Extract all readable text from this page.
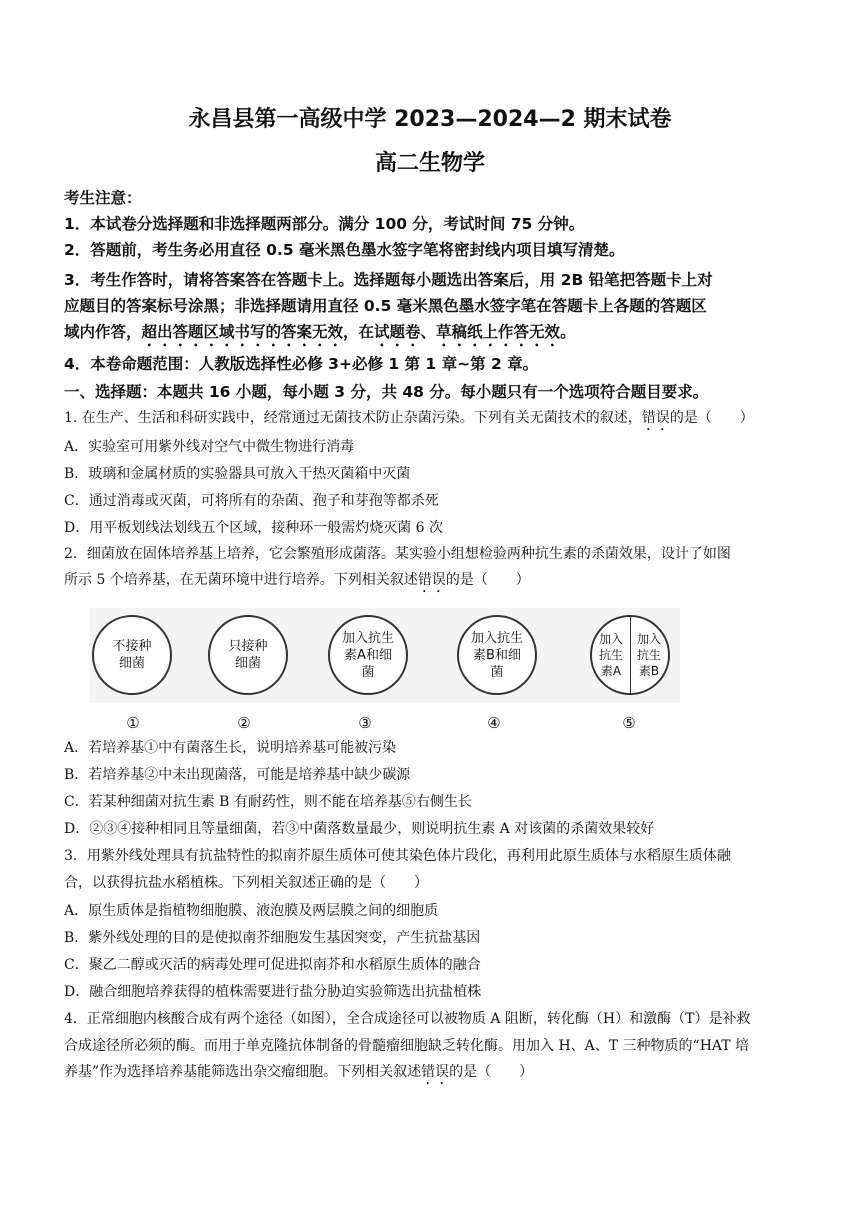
永昌县第一高级中学 2023—2024—2 期末试卷
高二生物学
考生注意：
1．本试卷分选择题和非选择题两部分。满分 100 分，考试时间 75 分钟。
2．答题前，考生务必用直径 0.5 毫米黑色墨水签字笔将密封线内项目填写清楚。
3．考生作答时，请将答案答在答题卡上。选择题每小题选出答案后，用 2B 铅笔把答题卡上对
应题目的答案标号涂黑；非选择题请用直径 0.5 毫米黑色墨水签字笔在答题卡上各题的答题区
域内作答，超出答题区域书写的答案无效，在试题卷、草稿纸上作答无效。
4．本卷命题范围：人教版选择性必修 3+必修 1 第 1 章~第 2 章。
一、选择题：本题共 16 小题，每小题 3 分，共 48 分。每小题只有一个选项符合题目要求。
1. 在生产、生活和科研实践中，经常通过无菌技术防止杂菌污染。下列有关无菌技术的叙述，错误的是（　　）
A．实验室可用紫外线对空气中微生物进行消毒
B．玻璃和金属材质的实验器具可放入干热灭菌箱中灭菌
C．通过消毒或灭菌，可将所有的杂菌、孢子和芽孢等都杀死
D．用平板划线法划线五个区域，接种环一般需灼烧灭菌 6 次
2．细菌放在固体培养基上培养，它会繁殖形成菌落。某实验小组想检验两种抗生素的杀菌效果，设计了如图
所示 5 个培养基，在无菌环境中进行培养。下列相关叙述错误的是（　　）
不接种细菌
只接种细菌
加入抗生素A和细菌
加入抗生素B和细菌
加入抗生素A
加入抗生素B
①	②	③	④	⑤
A．若培养基①中有菌落生长，说明培养基可能被污染
B．若培养基②中未出现菌落，可能是培养基中缺少碳源
C．若某种细菌对抗生素 B 有耐药性，则不能在培养基⑤右侧生长
D．②③④接种相同且等量细菌，若③中菌落数量最少，则说明抗生素 A 对该菌的杀菌效果较好
3．用紫外线处理具有抗盐特性的拟南芥原生质体可使其染色体片段化，再利用此原生质体与水稻原生质体融
合，以获得抗盐水稻植株。下列相关叙述正确的是（　　）
A．原生质体是指植物细胞膜、液泡膜及两层膜之间的细胞质
B．紫外线处理的目的是使拟南芥细胞发生基因突变，产生抗盐基因
C．聚乙二醇或灭活的病毒处理可促进拟南芥和水稻原生质体的融合
D．融合细胞培养获得的植株需要进行盐分胁迫实验筛选出抗盐植株
4．正常细胞内核酸合成有两个途径（如图），全合成途径可以被物质 A 阻断，转化酶（H）和激酶（T）是补救
合成途径所必须的酶。而用于单克隆抗体制备的骨髓瘤细胞缺乏转化酶。用加入 H、A、T 三种物质的“HAT 培
养基”作为选择培养基能筛选出杂交瘤细胞。下列相关叙述错误的是（　　）
